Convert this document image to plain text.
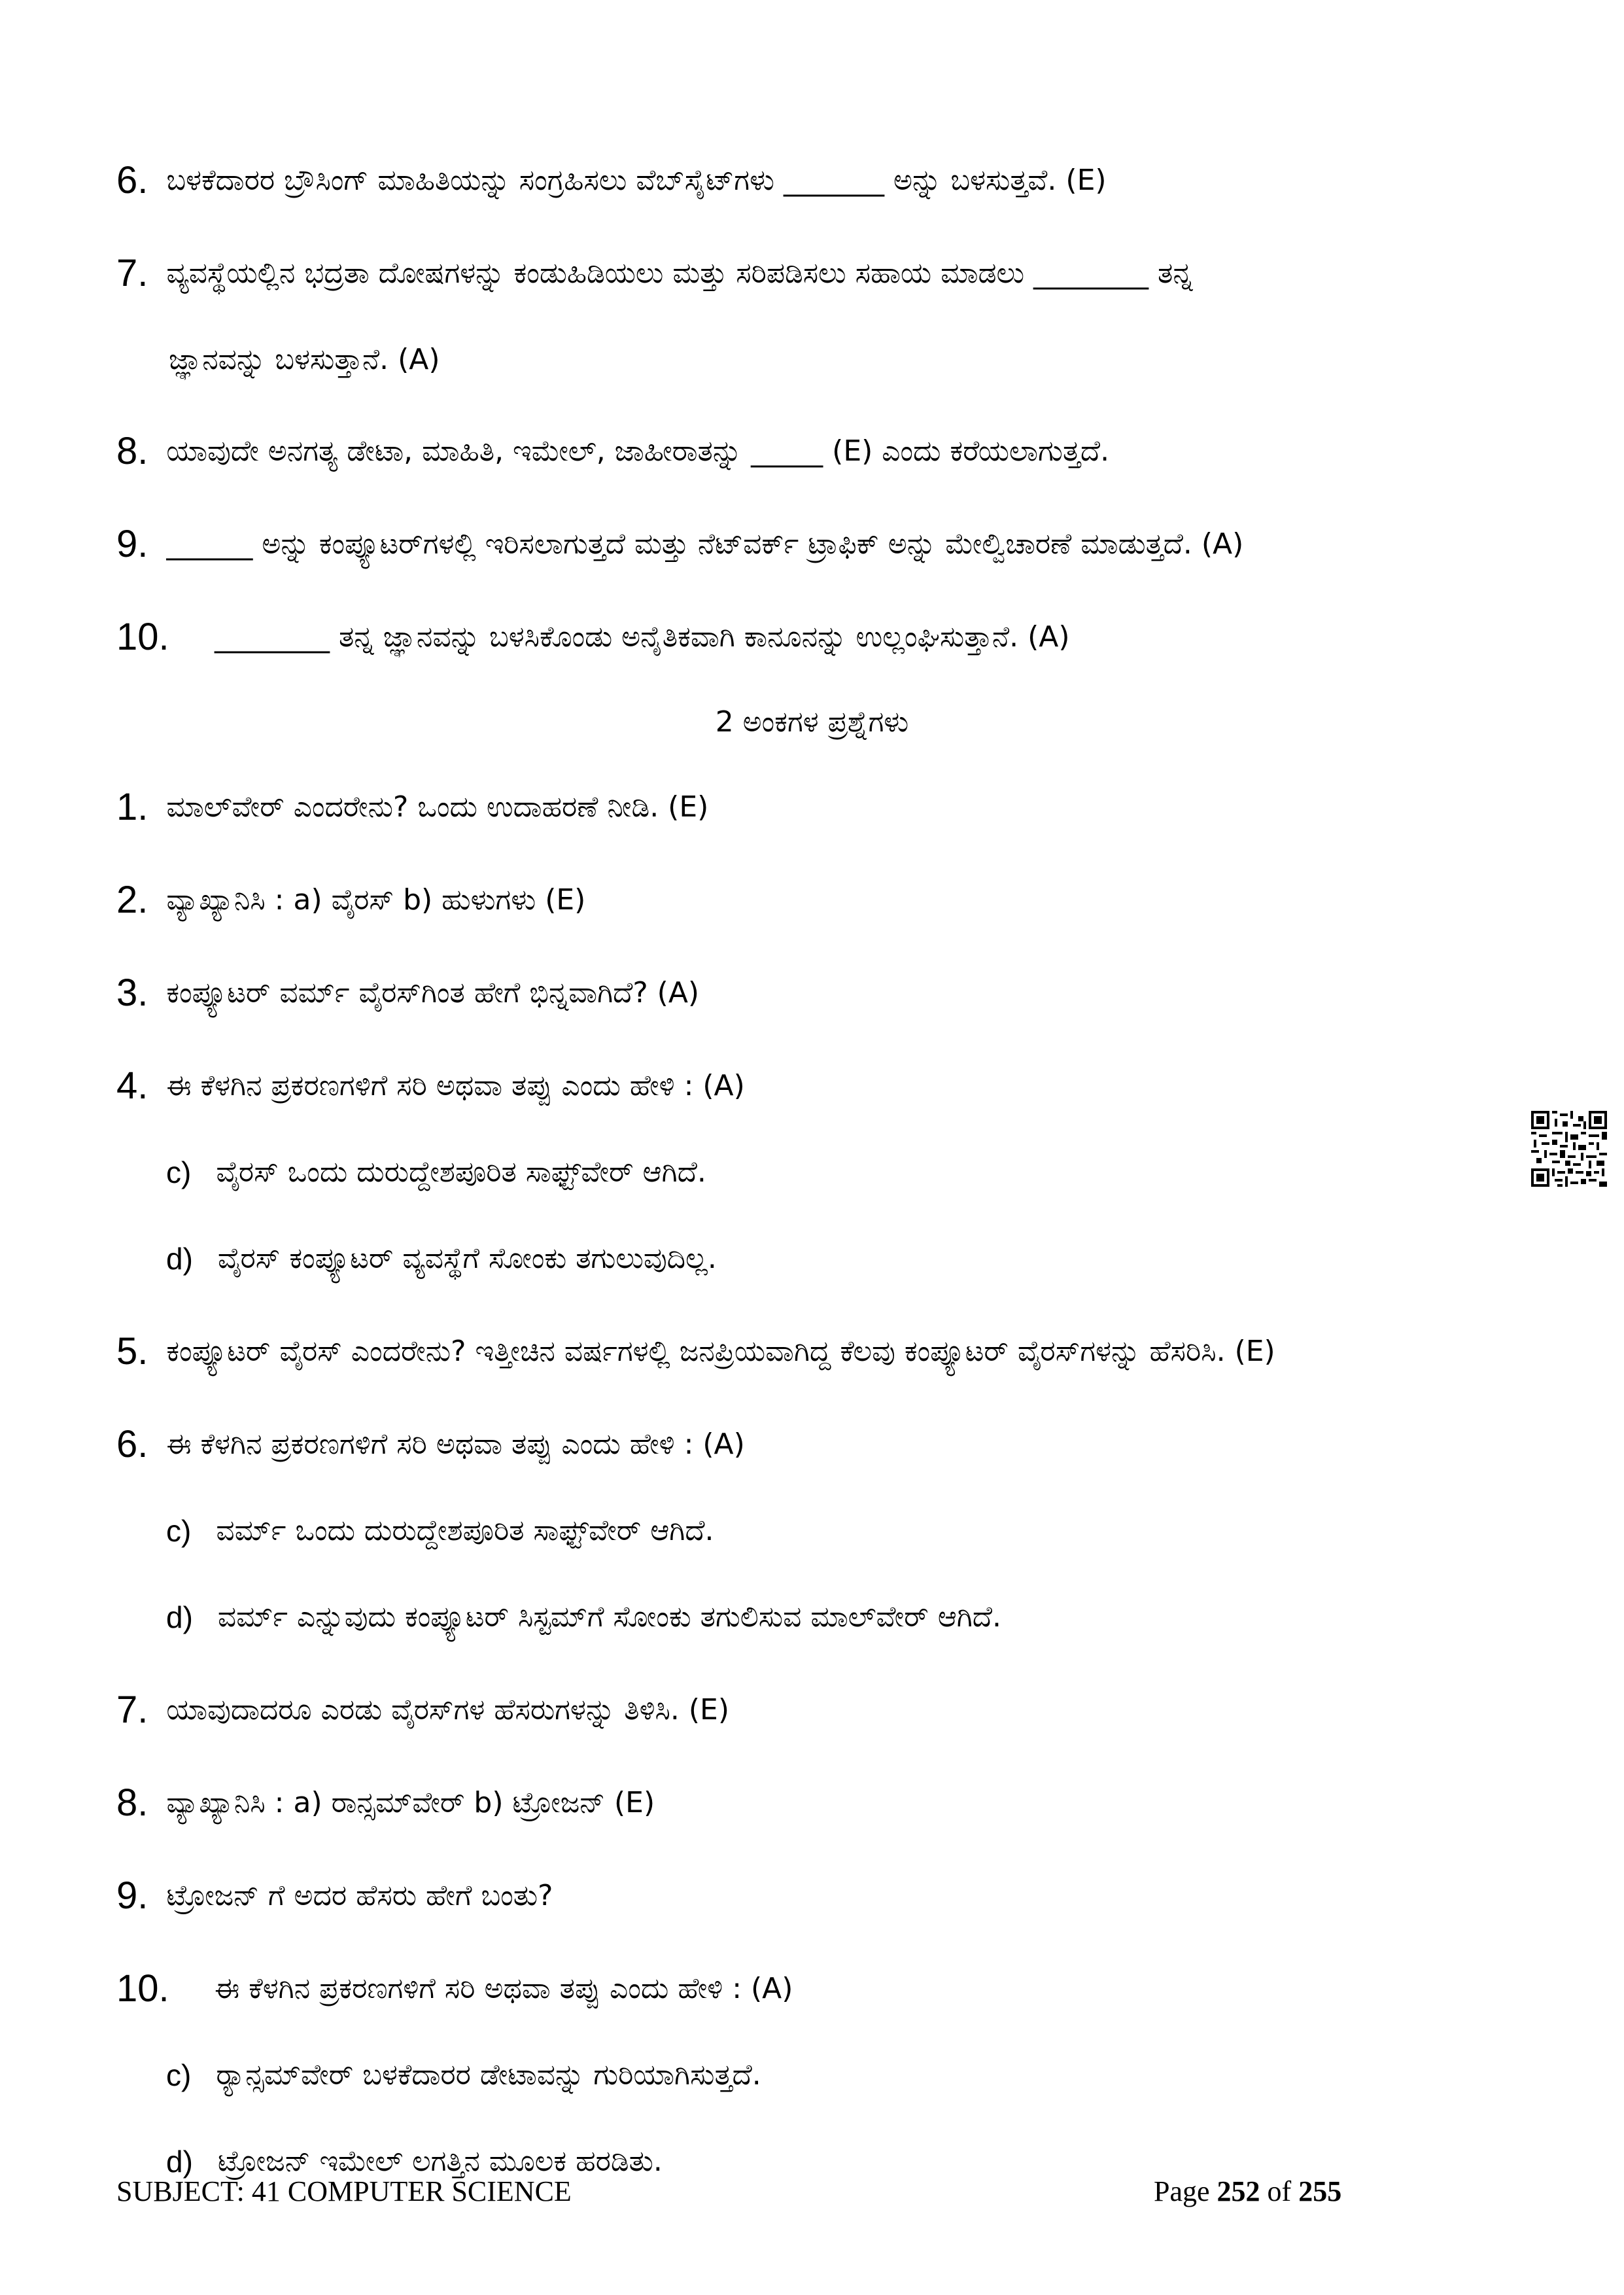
6. ಬಳಕೆದಾರರ ಬ್ರೌಸಿಂಗ್ ಮಾಹಿತಿಯನ್ನು ಸಂಗ್ರಹಿಸಲು ವೆಬ್‌ಸೈಟ್‌ಗಳು _______ ಅನ್ನು ಬಳಸುತ್ತವೆ. (E)
7. ವ್ಯವಸ್ಥೆಯಲ್ಲಿನ ಭದ್ರತಾ ದೋಷಗಳನ್ನು ಕಂಡುಹಿಡಿಯಲು ಮತ್ತು ಸರಿಪಡಿಸಲು ಸಹಾಯ ಮಾಡಲು ________ ತನ್ನ
ಜ್ಞಾನವನ್ನು ಬಳಸುತ್ತಾನೆ. (A)
8. ಯಾವುದೇ ಅನಗತ್ಯ ಡೇಟಾ, ಮಾಹಿತಿ, ಇಮೇಲ್, ಜಾಹೀರಾತನ್ನು _____ (E) ಎಂದು ಕರೆಯಲಾಗುತ್ತದೆ.
9. ______ ಅನ್ನು ಕಂಪ್ಯೂಟರ್‌ಗಳಲ್ಲಿ ಇರಿಸಲಾಗುತ್ತದೆ ಮತ್ತು ನೆಟ್‌ವರ್ಕ್ ಟ್ರಾಫಿಕ್ ಅನ್ನು ಮೇಲ್ವಿಚಾರಣೆ ಮಾಡುತ್ತದೆ. (A)
10.	________ ತನ್ನ ಜ್ಞಾನವನ್ನು ಬಳಸಿಕೊಂಡು ಅನೈತಿಕವಾಗಿ ಕಾನೂನನ್ನು ಉಲ್ಲಂಘಿಸುತ್ತಾನೆ. (A)
2 ಅಂಕಗಳ ಪ್ರಶ್ನೆಗಳು
1. ಮಾಲ್‌ವೇರ್ ಎಂದರೇನು? ಒಂದು ಉದಾಹರಣೆ ನೀಡಿ. (E)
2. ವ್ಯಾಖ್ಯಾನಿಸಿ : a) ವೈರಸ್ b) ಹುಳುಗಳು (E)
3. ಕಂಪ್ಯೂಟರ್ ವರ್ಮ್ ವೈರಸ್‌ಗಿಂತ ಹೇಗೆ ಭಿನ್ನವಾಗಿದೆ? (A)
4. ಈ ಕೆಳಗಿನ ಪ್ರಕರಣಗಳಿಗೆ ಸರಿ ಅಥವಾ ತಪ್ಪು ಎಂದು ಹೇಳಿ : (A)
c) ವೈರಸ್ ಒಂದು ದುರುದ್ದೇಶಪೂರಿತ ಸಾಫ್ಟ್‌ವೇರ್ ಆಗಿದೆ.
d) ವೈರಸ್ ಕಂಪ್ಯೂಟರ್ ವ್ಯವಸ್ಥೆಗೆ ಸೋಂಕು ತಗುಲುವುದಿಲ್ಲ.
5. ಕಂಪ್ಯೂಟರ್ ವೈರಸ್ ಎಂದರೇನು? ಇತ್ತೀಚಿನ ವರ್ಷಗಳಲ್ಲಿ ಜನಪ್ರಿಯವಾಗಿದ್ದ ಕೆಲವು ಕಂಪ್ಯೂಟರ್ ವೈರಸ್‌ಗಳನ್ನು ಹೆಸರಿಸಿ. (E)
6. ಈ ಕೆಳಗಿನ ಪ್ರಕರಣಗಳಿಗೆ ಸರಿ ಅಥವಾ ತಪ್ಪು ಎಂದು ಹೇಳಿ : (A)
c) ವರ್ಮ್ ಒಂದು ದುರುದ್ದೇಶಪೂರಿತ ಸಾಫ್ಟ್‌ವೇರ್ ಆಗಿದೆ.
d) ವರ್ಮ್ ಎನ್ನುವುದು ಕಂಪ್ಯೂಟರ್ ಸಿಸ್ಟಮ್‌ಗೆ ಸೋಂಕು ತಗುಲಿಸುವ ಮಾಲ್‌ವೇರ್ ಆಗಿದೆ.
7. ಯಾವುದಾದರೂ ಎರಡು ವೈರಸ್‌ಗಳ ಹೆಸರುಗಳನ್ನು ತಿಳಿಸಿ. (E)
8. ವ್ಯಾಖ್ಯಾನಿಸಿ : a) ರಾನ್ಸಮ್‌ವೇರ್ b) ಟ್ರೋಜನ್ (E)
9. ಟ್ರೋಜನ್ ಗೆ ಅದರ ಹೆಸರು ಹೇಗೆ ಬಂತು?
10.	ಈ ಕೆಳಗಿನ ಪ್ರಕರಣಗಳಿಗೆ ಸರಿ ಅಥವಾ ತಪ್ಪು ಎಂದು ಹೇಳಿ : (A)
c) ರ್‍ಯಾನ್ಸಮ್‌ವೇರ್ ಬಳಕೆದಾರರ ಡೇಟಾವನ್ನು ಗುರಿಯಾಗಿಸುತ್ತದೆ.
d) ಟ್ರೋಜನ್ ಇಮೇಲ್ ಲಗತ್ತಿನ ಮೂಲಕ ಹರಡಿತು.
SUBJECT: 41 COMPUTER SCIENCE	Page 252 of 255
